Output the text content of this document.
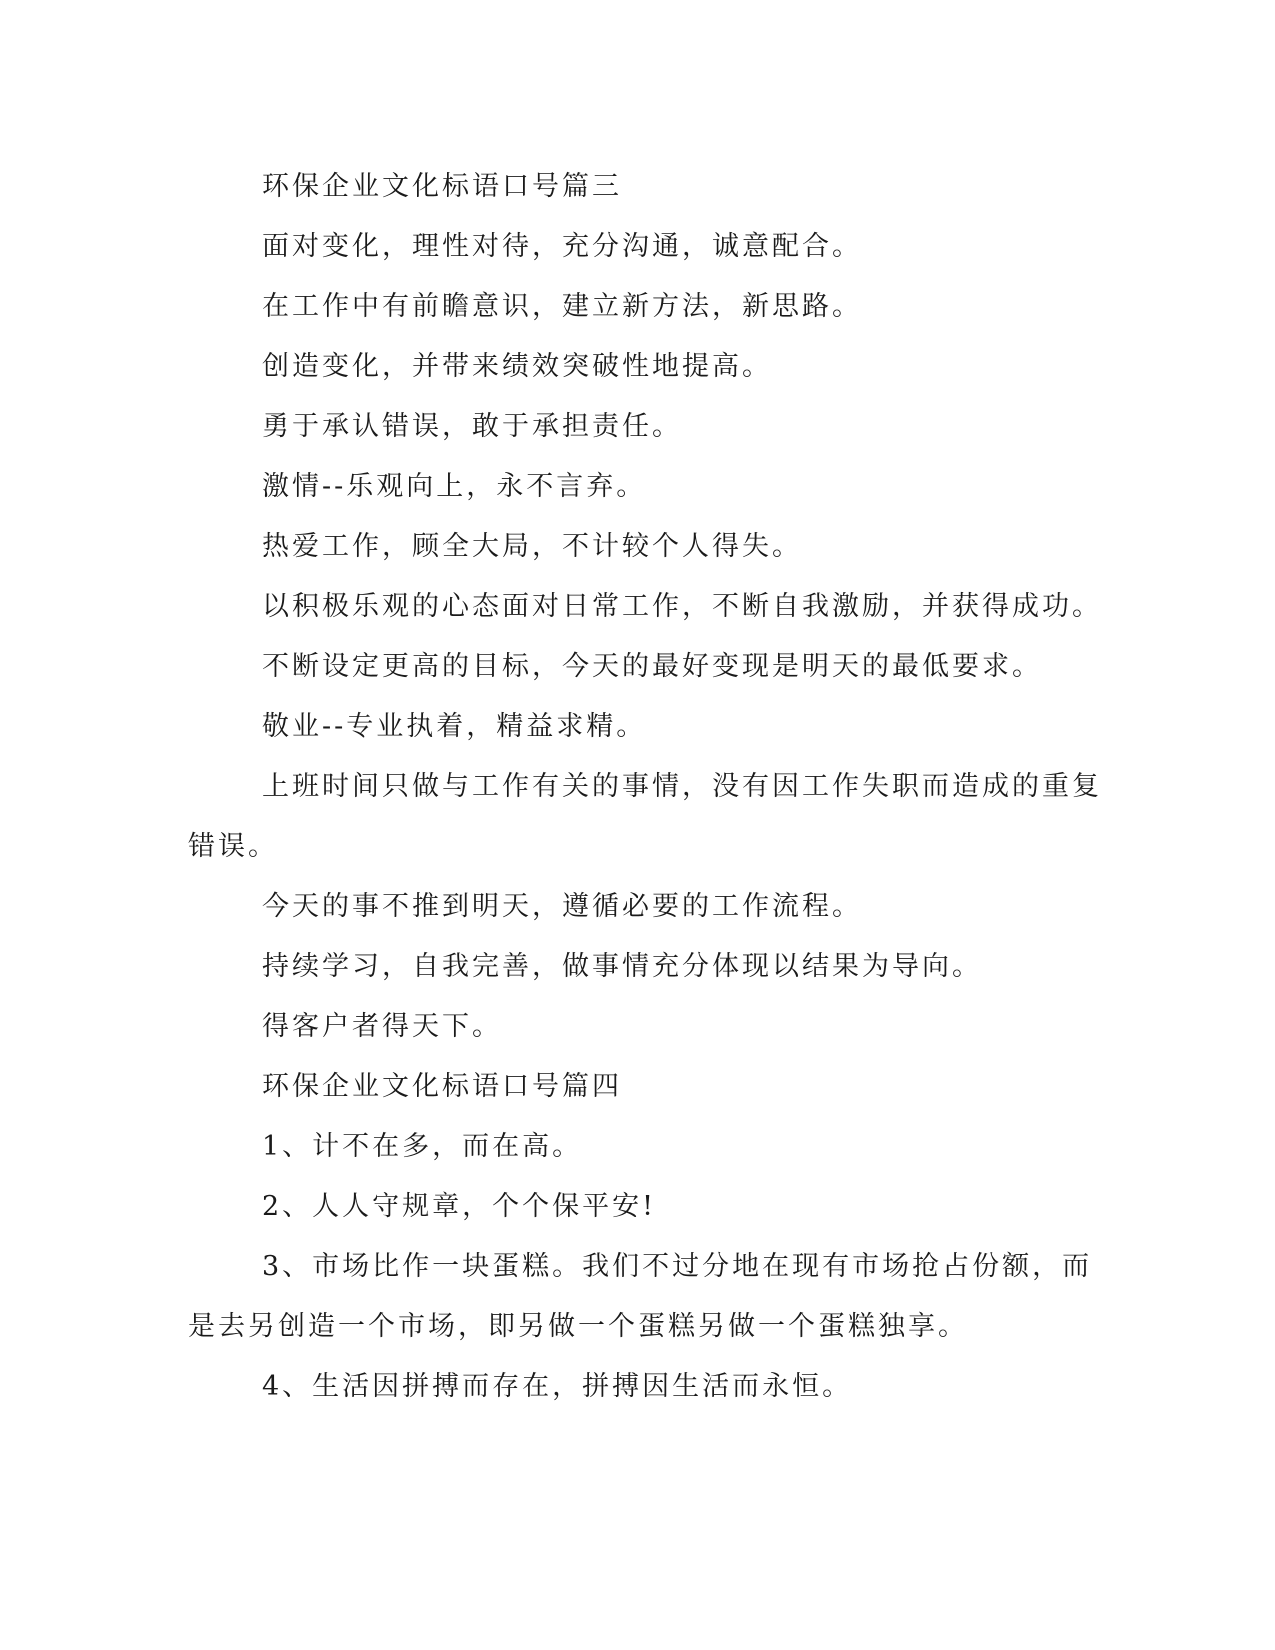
环保企业文化标语口号篇三
面对变化，理性对待，充分沟通，诚意配合。
在工作中有前瞻意识，建立新方法，新思路。
创造变化，并带来绩效突破性地提高。
勇于承认错误，敢于承担责任。
激情--乐观向上，永不言弃。
热爱工作，顾全大局，不计较个人得失。
以积极乐观的心态面对日常工作，不断自我激励，并获得成功。
不断设定更高的目标，今天的最好变现是明天的最低要求。
敬业--专业执着，精益求精。
上班时间只做与工作有关的事情，没有因工作失职而造成的重复
错误。
今天的事不推到明天，遵循必要的工作流程。
持续学习，自我完善，做事情充分体现以结果为导向。
得客户者得天下。
环保企业文化标语口号篇四
1、计不在多，而在高。
2、人人守规章，个个保平安!
3、市场比作一块蛋糕。我们不过分地在现有市场抢占份额，而
是去另创造一个市场，即另做一个蛋糕另做一个蛋糕独享。
4、生活因拼搏而存在，拼搏因生活而永恒。
